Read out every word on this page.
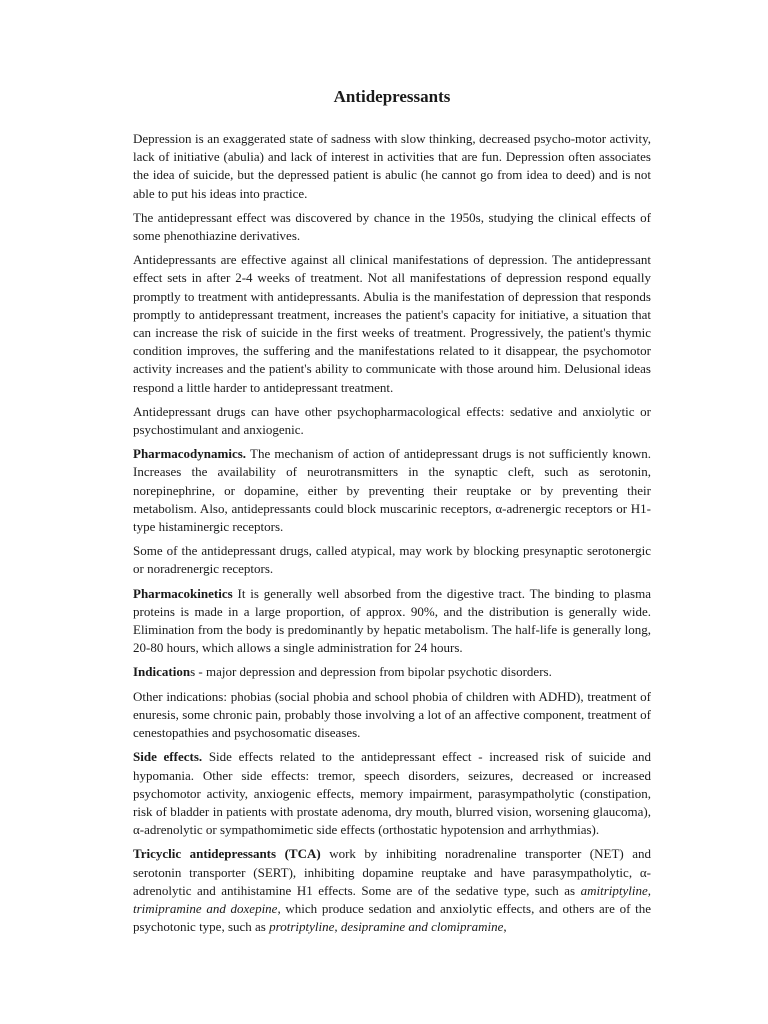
Antidepressants

Depression is an exaggerated state of sadness with slow thinking, decreased psycho-motor activity, lack of initiative (abulia) and lack of interest in activities that are fun. Depression often associates the idea of suicide, but the depressed patient is abulic (he cannot go from idea to deed) and is not able to put his ideas into practice.

The antidepressant effect was discovered by chance in the 1950s, studying the clinical effects of some phenothiazine derivatives.

Antidepressants are effective against all clinical manifestations of depression. The antidepressant effect sets in after 2-4 weeks of treatment. Not all manifestations of depression respond equally promptly to treatment with antidepressants. Abulia is the manifestation of depression that responds promptly to antidepressant treatment, increases the patient's capacity for initiative, a situation that can increase the risk of suicide in the first weeks of treatment. Progressively, the patient's thymic condition improves, the suffering and the manifestations related to it disappear, the psychomotor activity increases and the patient's ability to communicate with those around him. Delusional ideas respond a little harder to antidepressant treatment.

Antidepressant drugs can have other psychopharmacological effects: sedative and anxiolytic or psychostimulant and anxiogenic.

Pharmacodynamics. The mechanism of action of antidepressant drugs is not sufficiently known. Increases the availability of neurotransmitters in the synaptic cleft, such as serotonin, norepinephrine, or dopamine, either by preventing their reuptake or by preventing their metabolism. Also, antidepressants could block muscarinic receptors, α-adrenergic receptors or H1-type histaminergic receptors.

Some of the antidepressant drugs, called atypical, may work by blocking presynaptic serotonergic or noradrenergic receptors.

Pharmacokinetics It is generally well absorbed from the digestive tract. The binding to plasma proteins is made in a large proportion, of approx. 90%, and the distribution is generally wide. Elimination from the body is predominantly by hepatic metabolism. The half-life is generally long, 20-80 hours, which allows a single administration for 24 hours.

Indications - major depression and depression from bipolar psychotic disorders.

Other indications: phobias (social phobia and school phobia of children with ADHD), treatment of enuresis, some chronic pain, probably those involving a lot of an affective component, treatment of cenestopathies and psychosomatic diseases.

Side effects. Side effects related to the antidepressant effect - increased risk of suicide and hypomania. Other side effects: tremor, speech disorders, seizures, decreased or increased psychomotor activity, anxiogenic effects, memory impairment, parasympatholytic (constipation, risk of bladder in patients with prostate adenoma, dry mouth, blurred vision, worsening glaucoma), α-adrenolytic or sympathomimetic side effects (orthostatic hypotension and arrhythmias).

Tricyclic antidepressants (TCA) work by inhibiting noradrenaline transporter (NET) and serotonin transporter (SERT), inhibiting dopamine reuptake and have parasympatholytic, α-adrenolytic and antihistamine H1 effects. Some are of the sedative type, such as amitriptyline, trimipramine and doxepine, which produce sedation and anxiolytic effects, and others are of the psychotonic type, such as protriptyline, desipramine and clomipramine,
